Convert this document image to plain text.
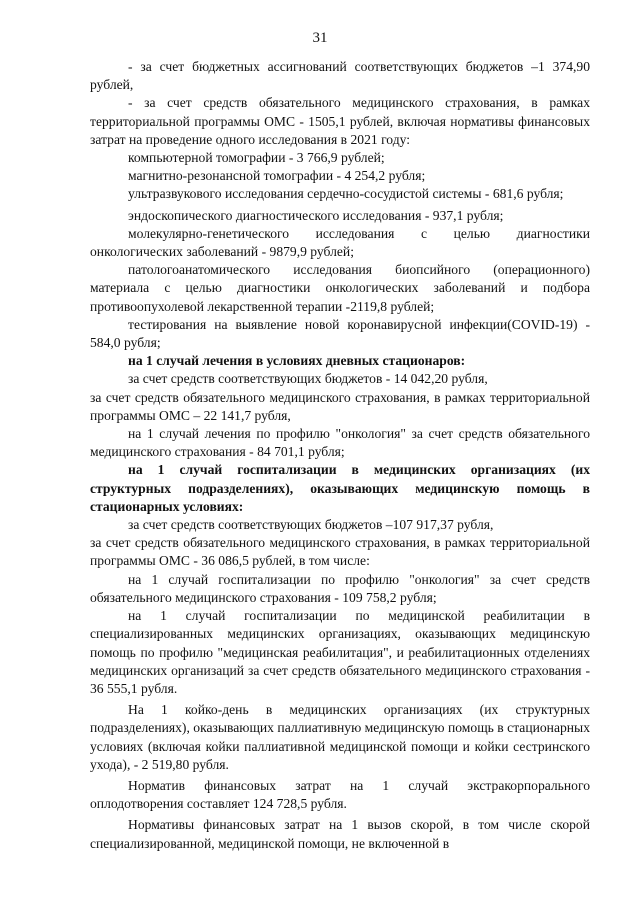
31

- за счет бюджетных ассигнований соответствующих бюджетов –1 374,90 рублей,

- за счет средств обязательного медицинского страхования, в рамках территориальной программы ОМС - 1505,1 рублей, включая нормативы финансовых затрат на проведение одного исследования в 2021 году:

компьютерной томографии - 3 766,9 рублей;

магнитно-резонансной томографии - 4 254,2 рубля;

ультразвукового исследования сердечно-сосудистой системы - 681,6 рубля;

эндоскопического диагностического исследования - 937,1 рубля;

молекулярно-генетического исследования с целью диагностики онкологических заболеваний - 9879,9 рублей;

патологоанатомического исследования биопсийного (операционного) материала с целью диагностики онкологических заболеваний и подбора противоопухолевой лекарственной терапии -2119,8 рублей;

тестирования на выявление новой коронавирусной инфекции(COVID-19) - 584,0 рубля;

на 1 случай лечения в условиях дневных стационаров:

за счет средств соответствующих бюджетов - 14 042,20 рубля,

за счет средств обязательного медицинского страхования, в рамках территориальной программы ОМС – 22 141,7 рубля,

на 1 случай лечения по профилю "онкология" за счет средств обязательного медицинского страхования - 84 701,1 рубля;

на 1 случай госпитализации в медицинских организациях (их структурных подразделениях), оказывающих медицинскую помощь в стационарных условиях:

за счет средств соответствующих бюджетов –107 917,37 рубля,

за счет средств обязательного медицинского страхования, в рамках территориальной программы ОМС - 36 086,5 рублей, в том числе:

на 1 случай госпитализации по профилю "онкология" за счет средств обязательного медицинского страхования - 109 758,2 рубля;

на 1 случай госпитализации по медицинской реабилитации в специализированных медицинских организациях, оказывающих медицинскую помощь по профилю "медицинская реабилитация", и реабилитационных отделениях медицинских организаций за счет средств обязательного медицинского страхования - 36 555,1 рубля.

На 1 койко-день в медицинских организациях (их структурных подразделениях), оказывающих паллиативную медицинскую помощь в стационарных условиях (включая койки паллиативной медицинской помощи и койки сестринского ухода), - 2 519,80 рубля.

Норматив финансовых затрат на 1 случай экстракорпорального оплодотворения составляет 124 728,5 рубля.

Нормативы финансовых затрат на 1 вызов скорой, в том числе скорой специализированной, медицинской помощи, не включенной в
